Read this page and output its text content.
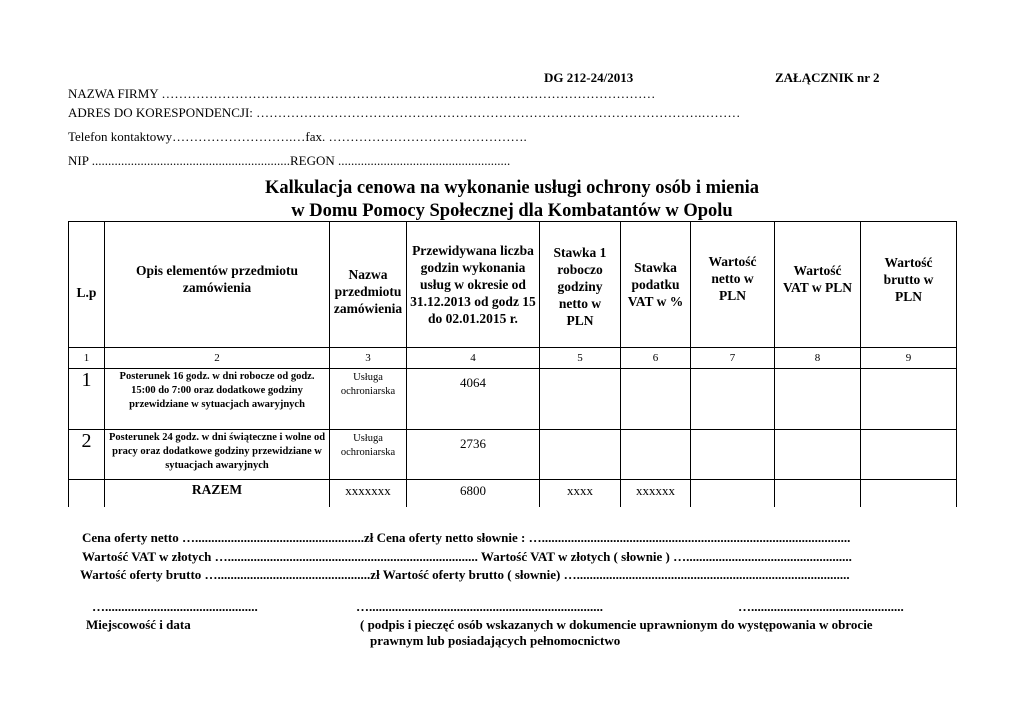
DG 212-24/2013	ZAŁĄCZNIK nr 2
NAZWA FIRMY ……………………………………………………………………………………………………
ADRES DO KORESPONDENCJI: ………………………………………………………………………………………….………
Telefon kontaktowy……………………….…fax. ……………………………………….
NIP .............................................................REGON .....................................................
Kalkulacja cenowa na wykonanie usługi ochrony osób i mienia
w Domu Pomocy Społecznej dla Kombatantów w Opolu
L.p	Opis elementów przedmiotu zamówienia	Nazwa przedmiotu zamówienia	Przewidywana liczba godzin wykonania usług w okresie od 31.12.2013 od godz 15 do 02.01.2015 r.	Stawka 1 roboczo godziny netto w PLN	Stawka podatku VAT w %	Wartość netto w PLN	Wartość VAT w PLN	Wartość brutto w PLN
1	2	3	4	5	6	7	8	9
1	Posterunek 16 godz. w dni robocze od godz. 15:00 do 7:00 oraz dodatkowe godziny przewidziane w sytuacjach awaryjnych	Usługa ochroniarska	4064					
2	Posterunek 24 godz. w dni świąteczne i wolne od pracy oraz dodatkowe godziny przewidziane w sytuacjach awaryjnych	Usługa ochroniarska	2736					
	RAZEM	xxxxxxx	6800	xxxx	xxxxxx			
Cena oferty netto …....................................................zł Cena oferty netto słownie : …...............................................................................................
Wartość VAT w złotych …............................................................................. Wartość VAT w złotych ( słownie ) …...................................................
Wartość oferty brutto …...............................................zł Wartość oferty brutto ( słownie) …....................................................................................
…...............................................	…........................................................................	…...............................................
Miejscowość i data	( podpis i pieczęć osób wskazanych w dokumencie uprawnionym do występowania w obrocie
prawnym lub posiadających pełnomocnictwo
